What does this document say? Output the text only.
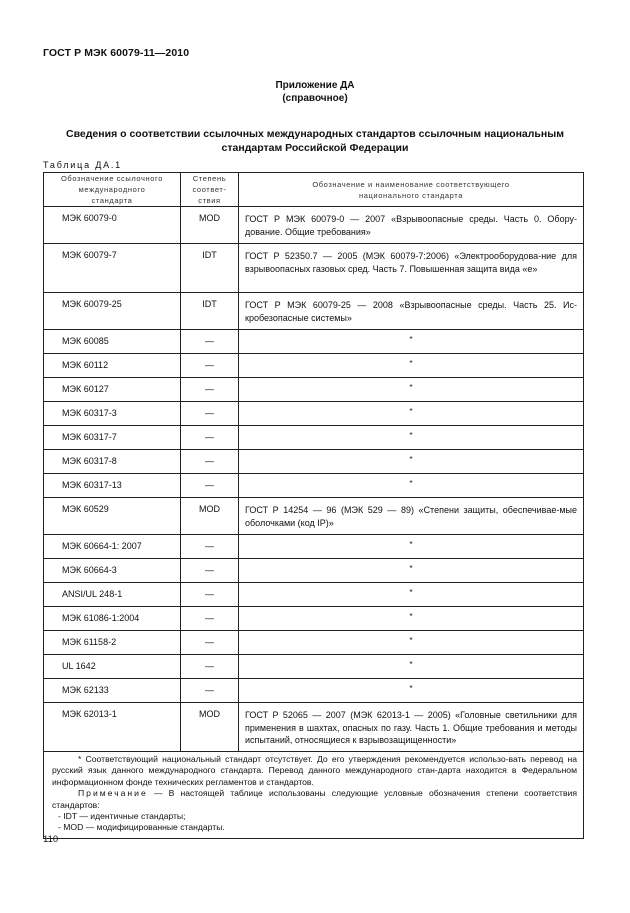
ГОСТ Р МЭК 60079-11—2010
Приложение ДА
(справочное)
Сведения о соответствии ссылочных международных стандартов ссылочным национальным стандартам Российской Федерации
Таблица ДА.1
Обозначение ссылочного международного стандарта	Степень соответ-ствия	Обозначение и наименование соответствующего национального стандарта
МЭК 60079-0	MOD	ГОСТ Р МЭК 60079-0 — 2007 «Взрывоопасные среды. Часть 0. Обору-дование. Общие требования»
МЭК 60079-7	IDT	ГОСТ Р 52350.7 — 2005 (МЭК 60079-7:2006) «Электрооборудова-ние для взрывоопасных газовых сред. Часть 7. Повышенная защита вида «е»
МЭК 60079-25	IDT	ГОСТ Р МЭК 60079-25 — 2008 «Взрывоопасные среды. Часть 25. Ис-кробезопасные системы»
МЭК 60085	—	*
МЭК 60112	—	*
МЭК 60127	—	*
МЭК 60317-3	—	*
МЭК 60317-7	—	*
МЭК 60317-8	—	*
МЭК 60317-13	—	*
МЭК 60529	MOD	ГОСТ Р 14254 — 96 (МЭК 529 — 89) «Степени защиты, обеспечивае-мые оболочками (код IP)»
МЭК 60664-1: 2007	—	*
МЭК 60664-3	—	*
ANSI/UL 248-1	—	*
МЭК 61086-1:2004	—	*
МЭК 61158-2	—	*
UL 1642	—	*
МЭК 62133	—	*
МЭК 62013-1	MOD	ГОСТ Р 52065 — 2007 (МЭК 62013-1 — 2005) «Головные светильники для применения в шахтах, опасных по газу. Часть 1. Общие требования и методы испытаний, относящиеся к взрывозащищенности»

* Соответствующий национальный стандарт отсутствует. До его утверждения рекомендуется использо-вать перевод на русский язык данного международного стандарта. Перевод данного международного стан-дарта находится в Федеральном информационном фонде технических регламентов и стандартов.

Примечание — В настоящей таблице использованы следующие условные обозначения степени соответствия стандартов:

- IDT — идентичные стандарты;

- MOD — модифицированные стандарты.		

110
